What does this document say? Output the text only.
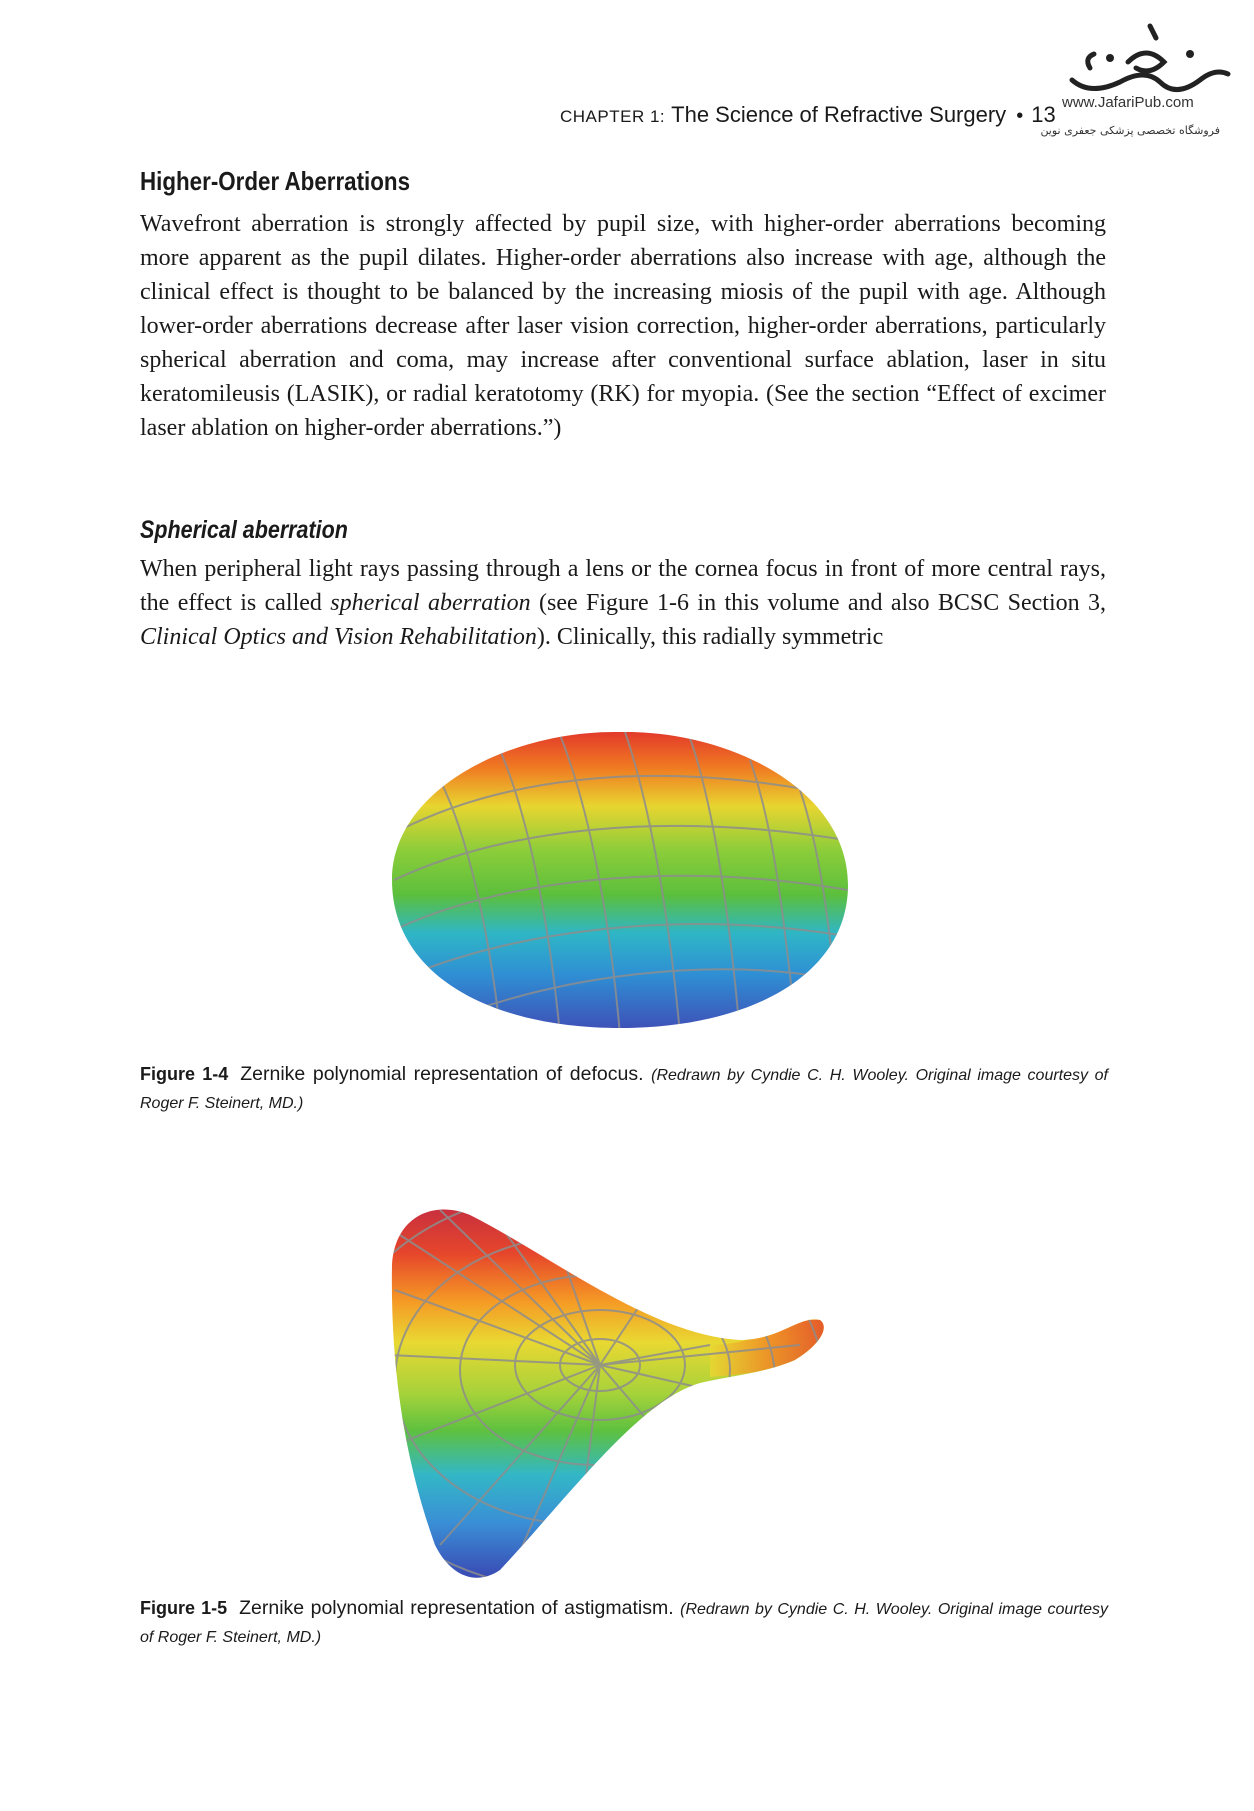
CHAPTER 1: The Science of Refractive Surgery • 13 www.JafariPub.com
فروشگاه تخصصی پزشکی جعفری نوین
Higher-Order Aberrations
Wavefront aberration is strongly affected by pupil size, with higher-order aberrations becoming more apparent as the pupil dilates. Higher-order aberrations also increase with age, although the clinical effect is thought to be balanced by the increasing miosis of the pupil with age. Although lower-order aberrations decrease after laser vision correction, higher-order aberrations, particularly spherical aberration and coma, may increase after conventional surface ablation, laser in situ keratomileusis (LASIK), or radial keratotomy (RK) for myopia. (See the section “Effect of excimer laser ablation on higher-order aberrations.”)
Spherical aberration
When peripheral light rays passing through a lens or the cornea focus in front of more central rays, the effect is called spherical aberration (see Figure 1-6 in this volume and also BCSC Section 3, Clinical Optics and Vision Rehabilitation). Clinically, this radially symmetric
Figure 1-4 Zernike polynomial representation of defocus. (Redrawn by Cyndie C. H. Wooley. Original image courtesy of Roger F. Steinert, MD.)
Figure 1-5 Zernike polynomial representation of astigmatism. (Redrawn by Cyndie C. H. Wooley. Original image courtesy of Roger F. Steinert, MD.)
